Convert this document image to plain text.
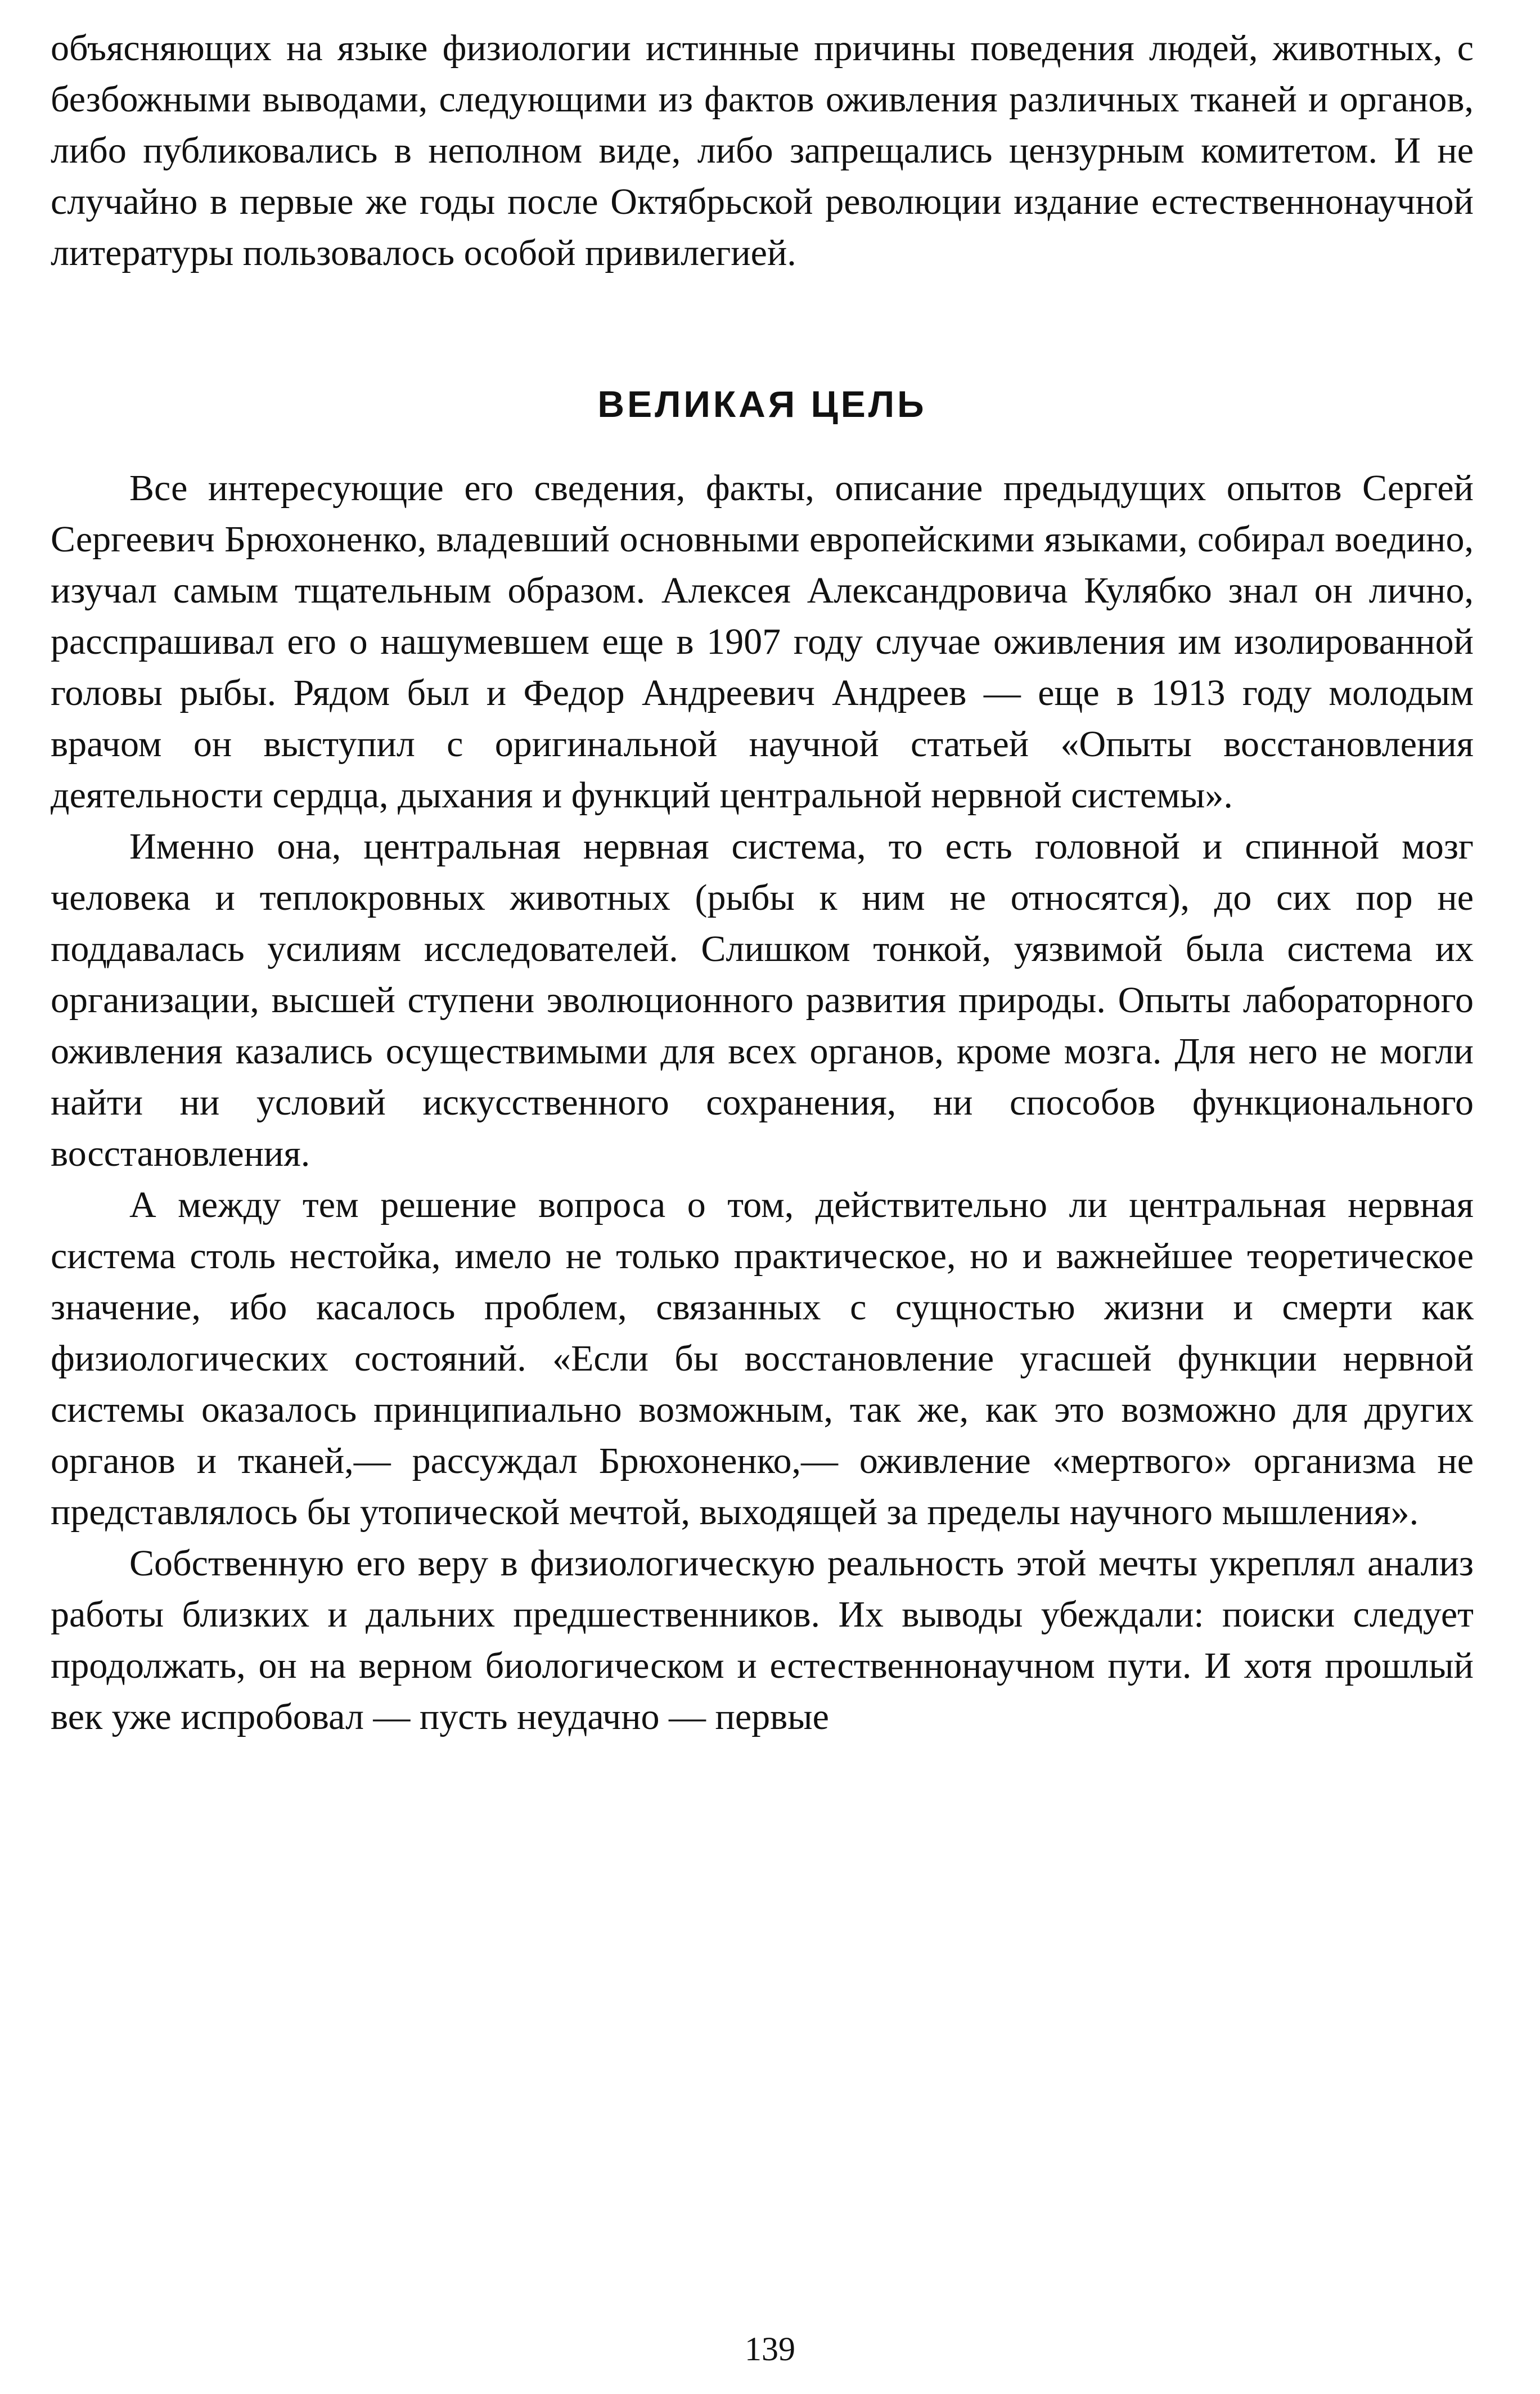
объясняющих на языке физиологии истинные причины поведения людей, животных, с безбожными выводами, следующими из фактов оживления различных тканей и органов, либо публиковались в неполном виде, либо запрещались цензурным комитетом. И не случайно в первые же годы после Октябрьской революции издание естественнонаучной литературы пользовалось особой привилегией.

ВЕЛИКАЯ ЦЕЛЬ

Все интересующие его сведения, факты, описание предыдущих опытов Сергей Сергеевич Брюхоненко, владевший основными европейскими языками, собирал воедино, изучал самым тщательным образом. Алексея Александровича Кулябко знал он лично, расспрашивал его о нашумевшем еще в 1907 году случае оживления им изолированной головы рыбы. Рядом был и Федор Андреевич Андреев — еще в 1913 году молодым врачом он выступил с оригинальной научной статьей «Опыты восстановления деятельности сердца, дыхания и функций центральной нервной системы».

Именно она, центральная нервная система, то есть головной и спинной мозг человека и теплокровных животных (рыбы к ним не относятся), до сих пор не поддавалась усилиям исследователей. Слишком тонкой, уязвимой была система их организации, высшей ступени эволюционного развития природы. Опыты лабораторного оживления казались осуществимыми для всех органов, кроме мозга. Для него не могли найти ни условий искусственного сохранения, ни способов функционального восстановления.

А между тем решение вопроса о том, действительно ли центральная нервная система столь нестойка, имело не только практическое, но и важнейшее теоретическое значение, ибо касалось проблем, связанных с сущностью жизни и смерти как физиологических состояний. «Если бы восстановление угасшей функции нервной системы оказалось принципиально возможным, так же, как это возможно для других органов и тканей,— рассуждал Брюхоненко,— оживление «мертвого» организма не представлялось бы утопической мечтой, выходящей за пределы научного мышления».

Собственную его веру в физиологическую реальность этой мечты укреплял анализ работы близких и дальних предшественников. Их выводы убеждали: поиски следует продолжать, он на верном биологическом и естественнонаучном пути. И хотя прошлый век уже испробовал — пусть неудачно — первые

139
